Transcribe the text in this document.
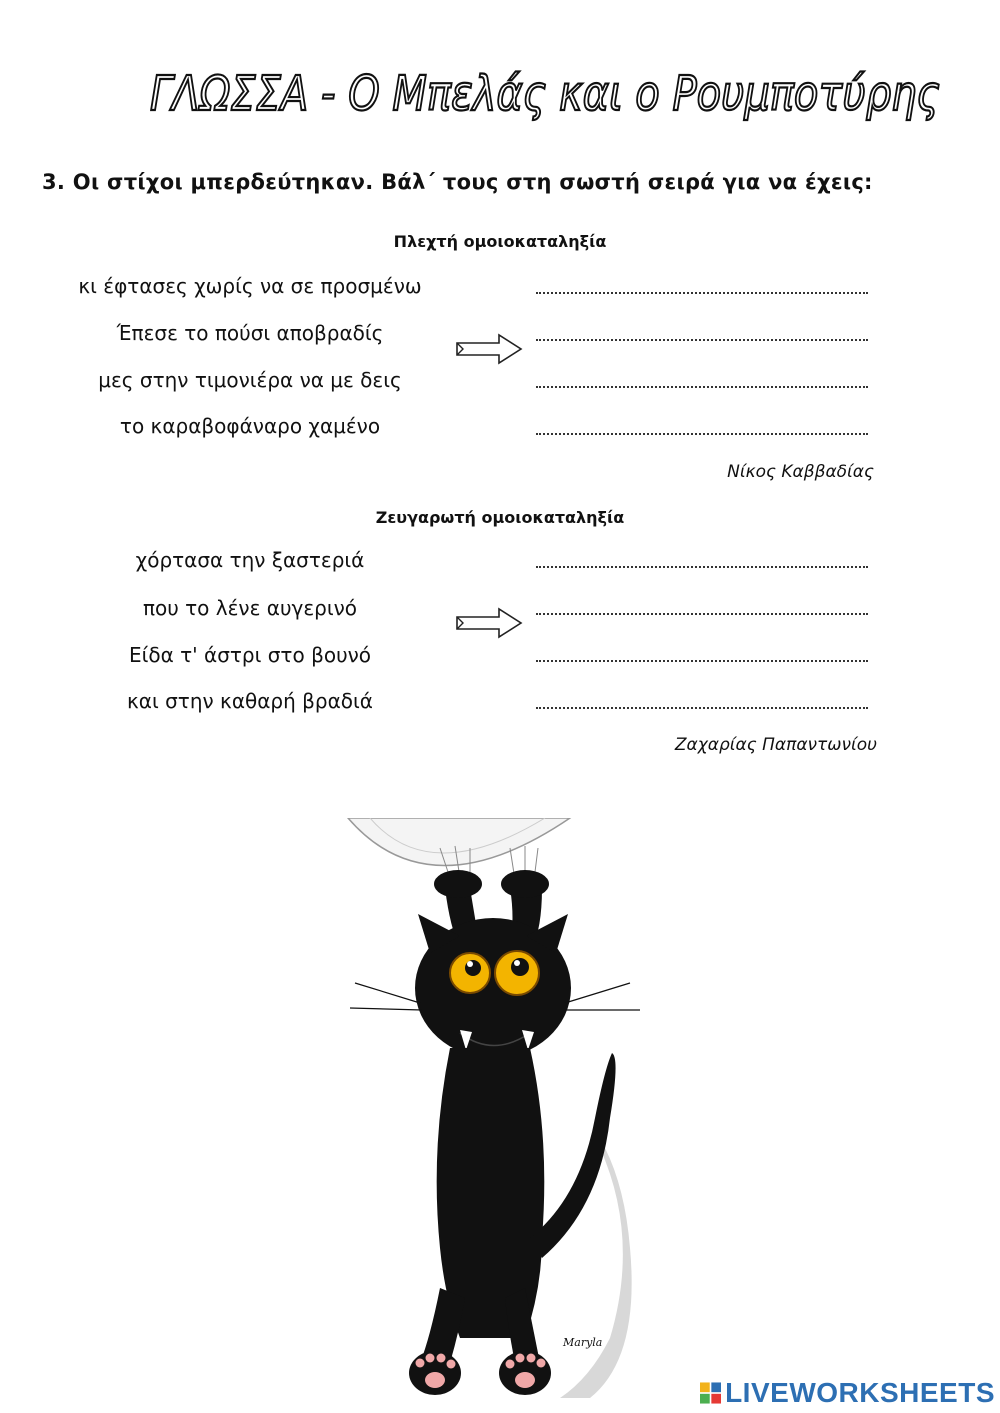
ΓΛΩΣΣΑ - Ο Μπελάς και ο Ρουμποτύρης
3. Οι στίχοι μπερδεύτηκαν. Βάλ΄ τους στη σωστή σειρά για να έχεις:
Πλεχτή ομοιοκαταληξία
κι έφτασες χωρίς να σε προσμένω
Έπεσε το πούσι αποβραδίς
μες στην τιμονιέρα να με δεις
το καραβοφάναρο χαμένο
Νίκος Καββαδίας
Ζευγαρωτή ομοιοκαταληξία
χόρτασα την ξαστεριά
που το λένε αυγερινό
Είδα τ' άστρι στο βουνό
και στην καθαρή βραδιά
Ζαχαρίας Παπαντωνίου
Maryla
LIVEWORKSHEETS
